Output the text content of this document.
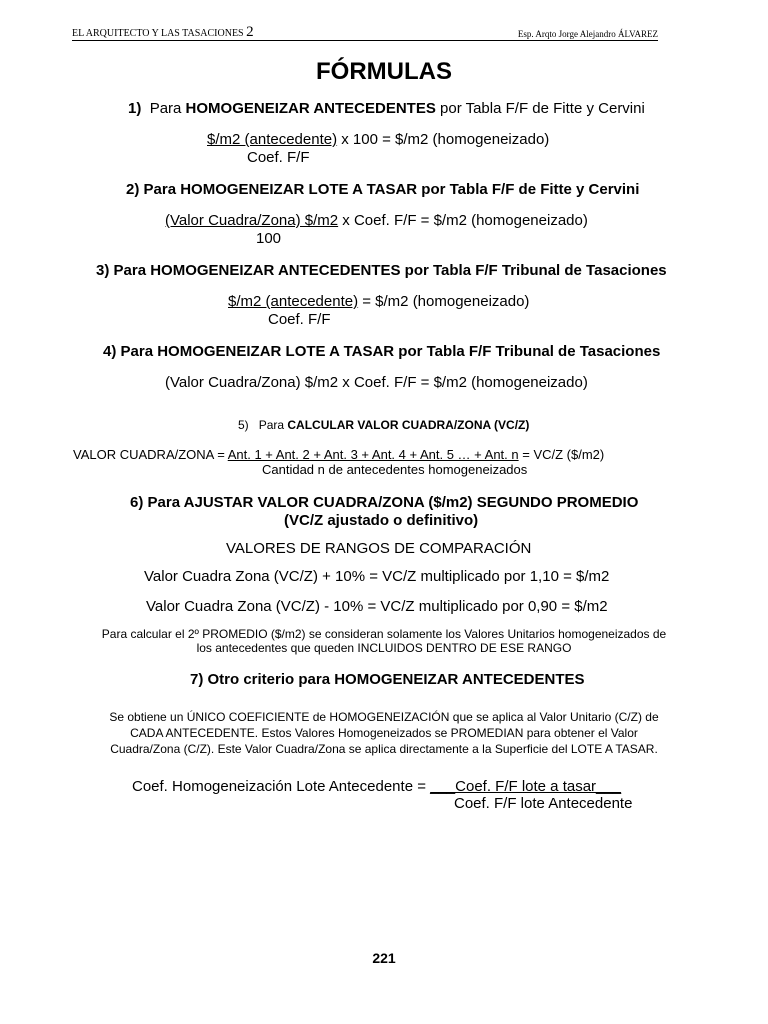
EL ARQUITECTO Y LAS TASACIONES 2	Esp. Arqto Jorge Alejandro ÁLVAREZ
FÓRMULAS
1) Para HOMOGENEIZAR ANTECEDENTES por Tabla F/F de Fitte y Cervini
$/m2 (antecedente) x 100 = $/m2 (homogeneizado)
Coef. F/F
2) Para HOMOGENEIZAR LOTE A TASAR por Tabla F/F de Fitte y Cervini
(Valor Cuadra/Zona) $/m2 x Coef. F/F = $/m2 (homogeneizado)
100
3) Para HOMOGENEIZAR ANTECEDENTES por Tabla F/F Tribunal de Tasaciones
$/m2 (antecedente) = $/m2 (homogeneizado)
Coef. F/F
4) Para HOMOGENEIZAR LOTE A TASAR por Tabla F/F Tribunal de Tasaciones
(Valor Cuadra/Zona) $/m2 x Coef. F/F = $/m2 (homogeneizado)
5) Para CALCULAR VALOR CUADRA/ZONA (VC/Z)
VALOR CUADRA/ZONA = Ant. 1 + Ant. 2 + Ant. 3 + Ant. 4 + Ant. 5 … + Ant. n = VC/Z ($/m2)
Cantidad n de antecedentes homogeneizados
6) Para AJUSTAR VALOR CUADRA/ZONA ($/m2) SEGUNDO PROMEDIO
(VC/Z ajustado o definitivo)
VALORES DE RANGOS DE COMPARACIÓN
Valor Cuadra Zona (VC/Z) + 10% = VC/Z multiplicado por 1,10 = $/m2
Valor Cuadra Zona (VC/Z) - 10% = VC/Z multiplicado por 0,90 = $/m2
Para calcular el 2º PROMEDIO ($/m2) se consideran solamente los Valores Unitarios homogeneizados de
los antecedentes que queden INCLUIDOS DENTRO DE ESE RANGO
7) Otro criterio para HOMOGENEIZAR ANTECEDENTES
Se obtiene un ÚNICO COEFICIENTE de HOMOGENEIZACIÓN que se aplica al Valor Unitario (C/Z) de
CADA ANTECEDENTE. Estos Valores Homogeneizados se PROMEDIAN para obtener el Valor
Cuadra/Zona (C/Z). Este Valor Cuadra/Zona se aplica directamente a la Superficie del LOTE A TASAR.
Coef. Homogeneización Lote Antecedente = ___Coef. F/F lote a tasar___
Coef. F/F lote Antecedente
221
